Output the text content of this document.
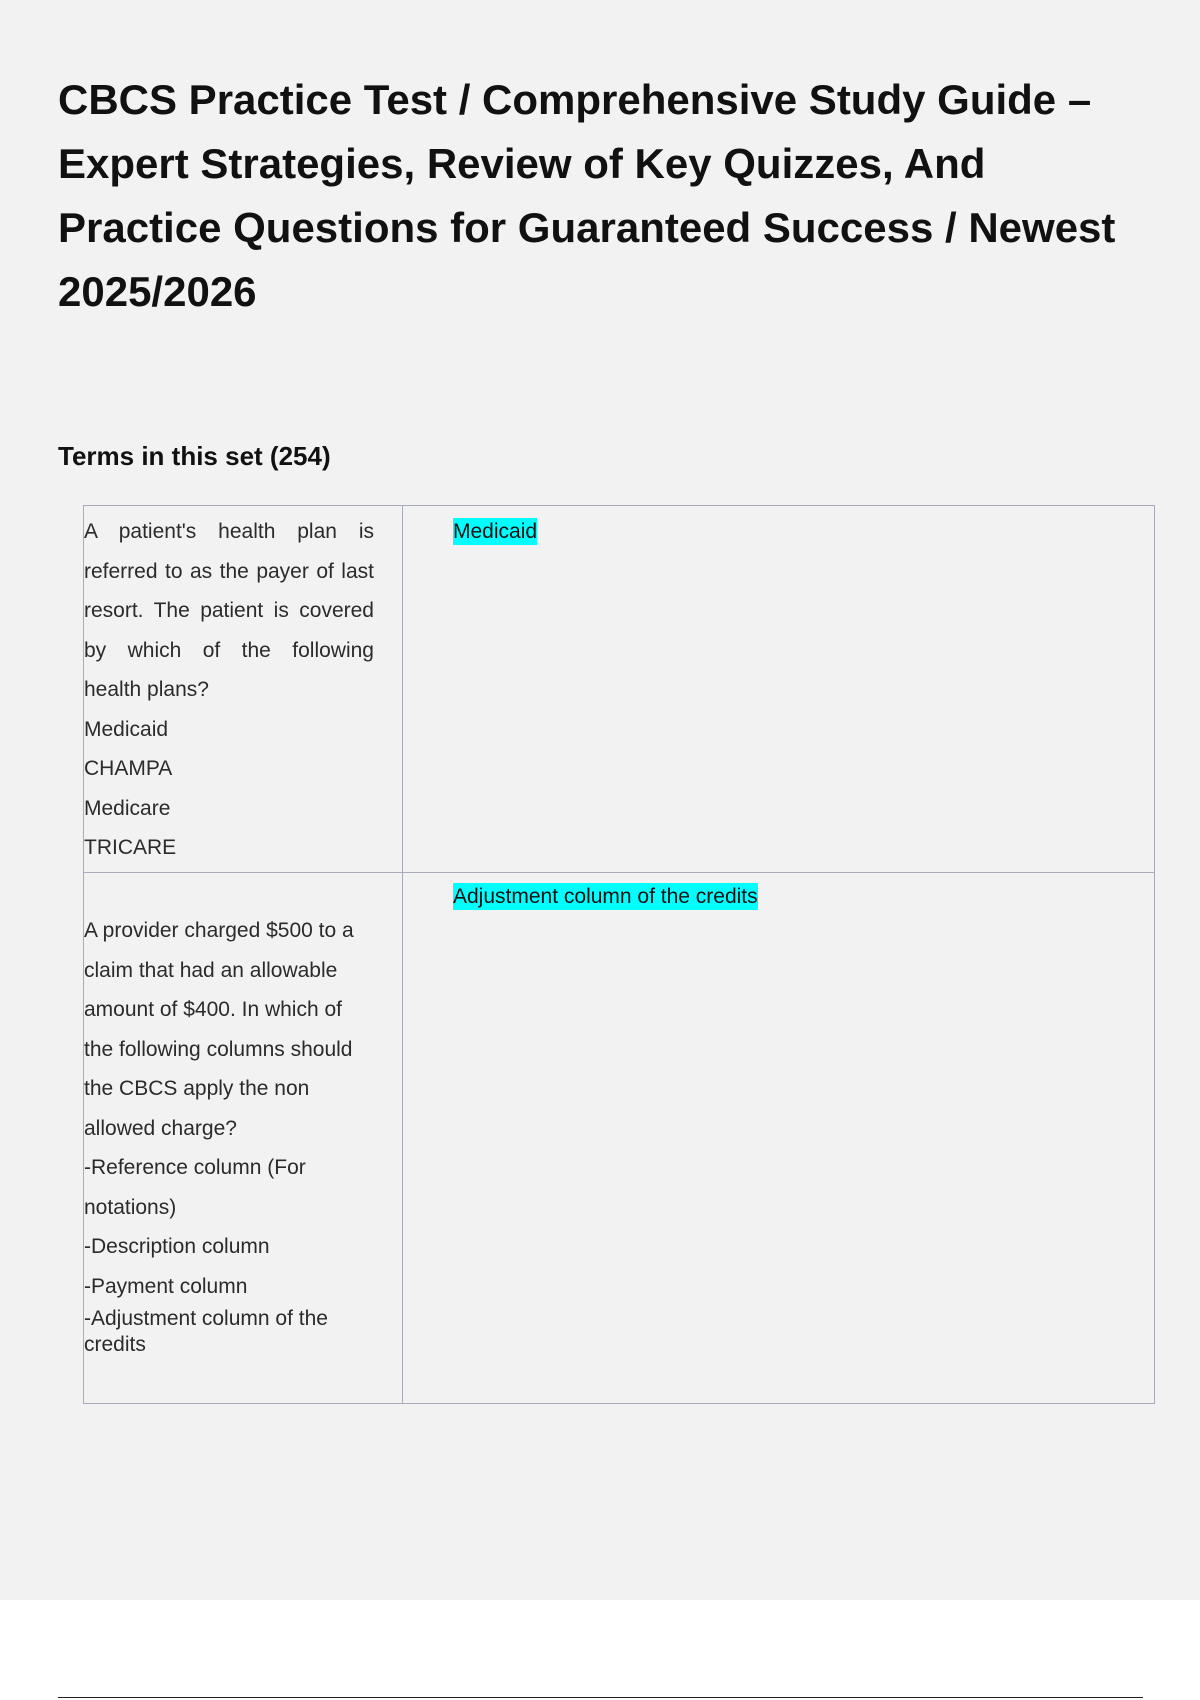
CBCS Practice Test / Comprehensive Study Guide – Expert Strategies, Review of Key Quizzes, And Practice Questions for Guaranteed Success / Newest 2025/2026
Terms in this set (254)
A patient's health plan is referred to as the payer of last resort. The patient is covered by which of the following health plans?
Medicaid
CHAMPA
Medicare
TRICARE	Medicaid

A provider charged $500 to a claim that had an allowable amount of $400. In which of the following columns should the CBCS apply the non allowed charge?
-Reference column (For notations)
-Description column
-Payment column
-Adjustment column of the credits	Adjustment column of the credits
